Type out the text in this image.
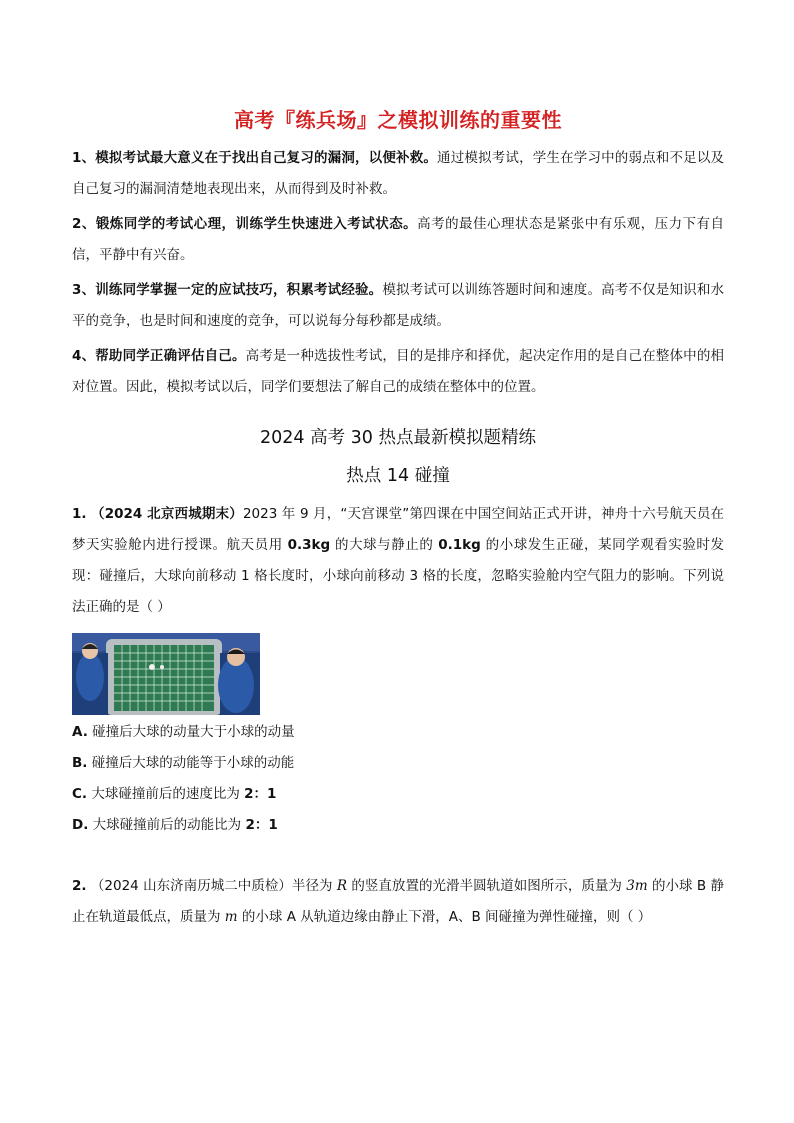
高考『练兵场』之模拟训练的重要性

1、模拟考试最大意义在于找出自己复习的漏洞，以便补救。通过模拟考试，学生在学习中的弱点和不足以及自己复习的漏洞清楚地表现出来，从而得到及时补救。

2、锻炼同学的考试心理，训练学生快速进入考试状态。高考的最佳心理状态是紧张中有乐观，压力下有自信，平静中有兴奋。

3、训练同学掌握一定的应试技巧，积累考试经验。模拟考试可以训练答题时间和速度。高考不仅是知识和水平的竞争，也是时间和速度的竞争，可以说每分每秒都是成绩。

4、帮助同学正确评估自己。高考是一种选拔性考试，目的是排序和择优，起决定作用的是自己在整体中的相对位置。因此，模拟考试以后，同学们要想法了解自己的成绩在整体中的位置。

2024 高考 30 热点最新模拟题精练
热点 14 碰撞

1. （2024 北京西城期末）2023 年 9 月，“天宫课堂”第四课在中国空间站正式开讲，神舟十六号航天员在梦天实验舱内进行授课。航天员用 0.3kg 的大球与静止的 0.1kg 的小球发生正碰，某同学观看实验时发现：碰撞后，大球向前移动 1 格长度时，小球向前移动 3 格的长度，忽略实验舱内空气阻力的影响。下列说法正确的是（ ）

A. 碰撞后大球的动量大于小球的动量

B. 碰撞后大球的动能等于小球的动能

C. 大球碰撞前后的速度比为 2：1

D. 大球碰撞前后的动能比为 2：1

2. （2024 山东济南历城二中质检）半径为 R 的竖直放置的光滑半圆轨道如图所示，质量为 3m 的小球 B 静止在轨道最低点，质量为 m 的小球 A 从轨道边缘由静止下滑，A、B 间碰撞为弹性碰撞，则（ ）
